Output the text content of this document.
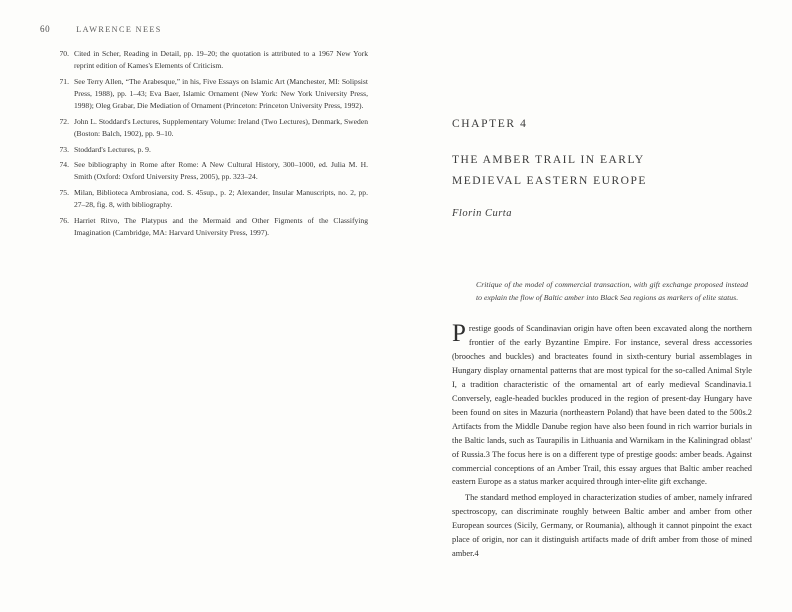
60	LAWRENCE NEES
70. Cited in Scher, Reading in Detail, pp. 19–20; the quotation is attributed to a 1967 New York reprint edition of Kames's Elements of Criticism.
71. See Terry Allen, “The Arabesque,” in his, Five Essays on Islamic Art (Manchester, MI: Solipsist Press, 1988), pp. 1–43; Eva Baer, Islamic Ornament (New York: New York University Press, 1998); Oleg Grabar, Die Mediation of Ornament (Princeton: Princeton University Press, 1992).
72. John L. Stoddard's Lectures, Supplementary Volume: Ireland (Two Lectures), Denmark, Sweden (Boston: Balch, 1902), pp. 9–10.
73. Stoddard's Lectures, p. 9.
74. See bibliography in Rome after Rome: A New Cultural History, 300–1000, ed. Julia M. H. Smith (Oxford: Oxford University Press, 2005), pp. 323–24.
75. Milan, Biblioteca Ambrosiana, cod. S. 45sup., p. 2; Alexander, Insular Manuscripts, no. 2, pp. 27–28, fig. 8, with bibliography.
76. Harriet Ritvo, The Platypus and the Mermaid and Other Figments of the Classifying Imagination (Cambridge, MA: Harvard University Press, 1997).
CHAPTER 4
THE AMBER TRAIL IN EARLY
MEDIEVAL EASTERN EUROPE
Florin Curta
Critique of the model of commercial transaction, with gift exchange proposed instead to explain the flow of Baltic amber into Black Sea regions as markers of elite status.

P restige goods of Scandinavian origin have often been excavated along the northern frontier of the early Byzantine Empire. For instance, several dress accessories (brooches and buckles) and bracteates found in sixth-century burial assemblages in Hungary display ornamental patterns that are most typical for the so-called Animal Style I, a tradition characteristic of the ornamental art of early medieval Scandinavia.1 Conversely, eagle-headed buckles produced in the region of present-day Hungary have been found on sites in Mazuria (northeastern Poland) that have been dated to the 500s.2 Artifacts from the Middle Danube region have also been found in rich warrior burials in the Baltic lands, such as Taurapilis in Lithuania and Warnikam in the Kaliningrad oblast' of Russia.3 The focus here is on a different type of prestige goods: amber beads. Against commercial conceptions of an Amber Trail, this essay argues that Baltic amber reached eastern Europe as a status marker acquired through inter-elite gift exchange.

The standard method employed in characterization studies of amber, namely infrared spectroscopy, can discriminate roughly between Baltic amber and amber from other European sources (Sicily, Germany, or Roumania), although it cannot pinpoint the exact place of origin, nor can it distinguish artifacts made of drift amber from those of mined amber.4
